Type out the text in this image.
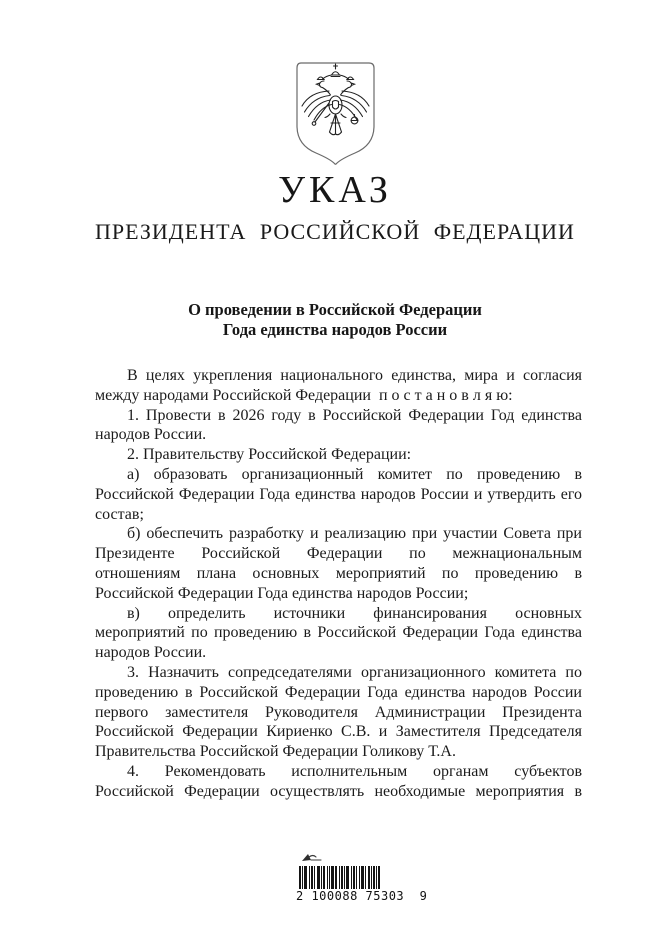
УКАЗ
ПРЕЗИДЕНТА РОССИЙСКОЙ ФЕДЕРАЦИИ
О проведении в Российской Федерации
Года единства народов России
В целях укрепления национального единства, мира и согласия
между народами Российской Федерации  п о с т а н о в л я ю:
1. Провести в 2026 году в Российской Федерации Год единства
народов России.
2. Правительству Российской Федерации:
а) образовать организационный комитет по проведению в
Российской Федерации Года единства народов России и утвердить его
состав;
б) обеспечить разработку и реализацию при участии Совета при
Президенте Российской Федерации по межнациональным
отношениям плана основных мероприятий по проведению в
Российской Федерации Года единства народов России;
в) определить источники финансирования основных
мероприятий по проведению в Российской Федерации Года единства
народов России.
3. Назначить сопредседателями организационного комитета по
проведению в Российской Федерации Года единства народов России
первого заместителя Руководителя Администрации Президента
Российской Федерации Кириенко С.В. и Заместителя Председателя
Правительства Российской Федерации Голикову Т.А.
4. Рекомендовать исполнительным органам субъектов
Российской Федерации осуществлять необходимые мероприятия в
2 100088 75303  9
